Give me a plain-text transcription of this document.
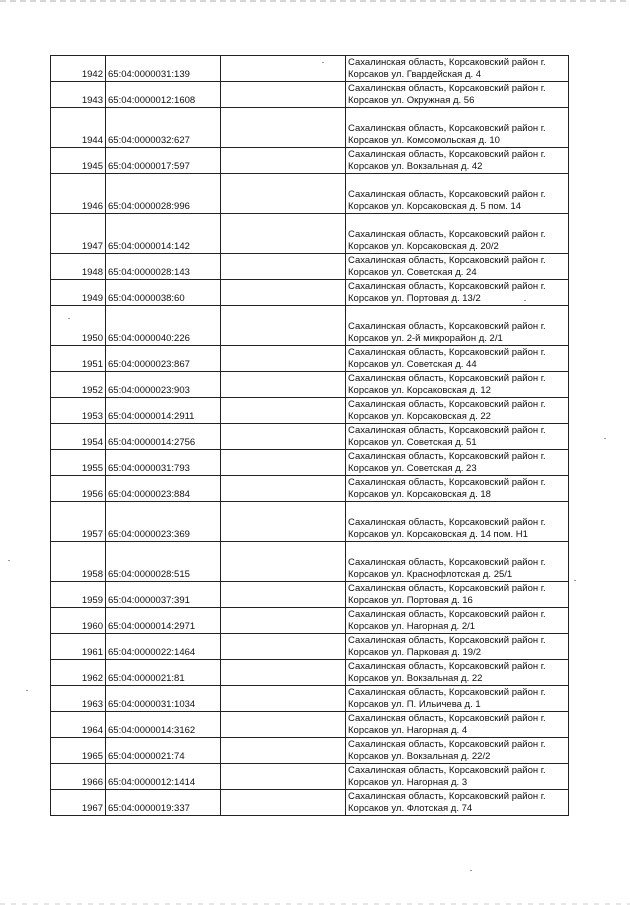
1942	65:04:0000031:139		Сахалинская область, Корсаковский район г.
Корсаков ул. Гвардейская д. 4

1943	65:04:0000012:1608		Сахалинская область, Корсаковский район г.
Корсаков ул. Окружная д. 56

1944	65:04:0000032:627		Сахалинская область, Корсаковский район г.
Корсаков ул. Комсомольская д. 10

1945	65:04:0000017:597		Сахалинская область, Корсаковский район г.
Корсаков ул. Вокзальная д. 42

1946	65:04:0000028:996		Сахалинская область, Корсаковский район г.
Корсаков ул. Корсаковская д. 5 пом. 14

1947	65:04:0000014:142		Сахалинская область, Корсаковский район г.
Корсаков ул. Корсаковская д. 20/2

1948	65:04:0000028:143		Сахалинская область, Корсаковский район г.
Корсаков ул. Советская д. 24

1949	65:04:0000038:60		Сахалинская область, Корсаковский район г.
Корсаков ул. Портовая д. 13/2

1950	65:04:0000040:226		Сахалинская область, Корсаковский район г.
Корсаков ул. 2-й микрорайон д. 2/1

1951	65:04:0000023:867		Сахалинская область, Корсаковский район г.
Корсаков ул. Советская д. 44

1952	65:04:0000023:903		Сахалинская область, Корсаковский район г.
Корсаков ул. Корсаковская д. 12

1953	65:04:0000014:2911		Сахалинская область, Корсаковский район г.
Корсаков ул. Корсаковская д. 22

1954	65:04:0000014:2756		Сахалинская область, Корсаковский район г.
Корсаков ул. Советская д. 51

1955	65:04:0000031:793		Сахалинская область, Корсаковский район г.
Корсаков ул. Советская д. 23

1956	65:04:0000023:884		Сахалинская область, Корсаковский район г.
Корсаков ул. Корсаковская д. 18

1957	65:04:0000023:369		Сахалинская область, Корсаковский район г.
Корсаков ул. Корсаковская д. 14 пом. Н1

1958	65:04:0000028:515		Сахалинская область, Корсаковский район г.
Корсаков ул. Краснофлотская д. 25/1

1959	65:04:0000037:391		Сахалинская область, Корсаковский район г.
Корсаков ул. Портовая д. 16

1960	65:04:0000014:2971		Сахалинская область, Корсаковский район г.
Корсаков ул. Нагорная д. 2/1

1961	65:04:0000022:1464		Сахалинская область, Корсаковский район г.
Корсаков ул. Парковая д. 19/2

1962	65:04:0000021:81		Сахалинская область, Корсаковский район г.
Корсаков ул. Вокзальная д. 22

1963	65:04:0000031:1034		Сахалинская область, Корсаковский район г.
Корсаков ул. П. Ильичева д. 1

1964	65:04:0000014:3162		Сахалинская область, Корсаковский район г.
Корсаков ул. Нагорная д. 4

1965	65:04:0000021:74		Сахалинская область, Корсаковский район г.
Корсаков ул. Вокзальная д. 22/2

1966	65:04:0000012:1414		Сахалинская область, Корсаковский район г.
Корсаков ул. Нагорная д. 3

1967	65:04:0000019:337		Сахалинская область, Корсаковский район г.
Корсаков ул. Флотская д. 74
